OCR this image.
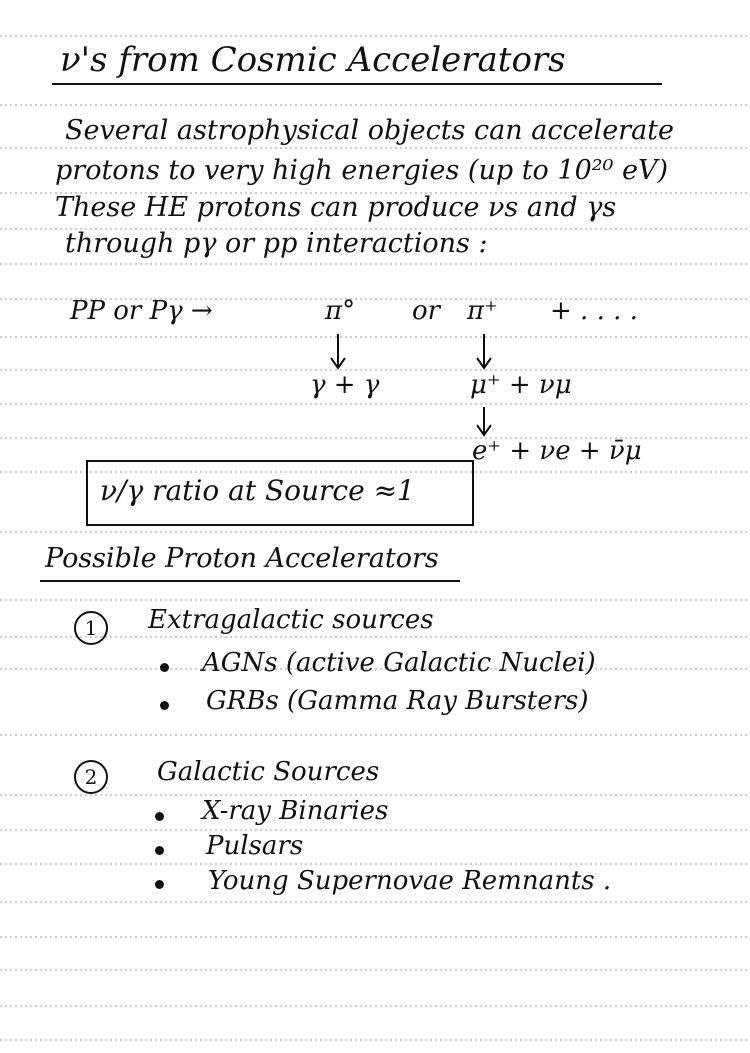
ν's from Cosmic Accelerators
Several astrophysical objects can accelerate
protons to very high energies (up to 10²⁰ eV)
These HE protons can produce νs and γs
through pγ or pp interactions :
PP or Pγ →	π° or π⁺ + . . . .
γ + γ	μ⁺ + νμ
e⁺ + νe + ν̄μ
ν/γ ratio at Source ≈1
Possible Proton Accelerators
1	Extragalactic sources
AGNs (active Galactic Nuclei)
GRBs (Gamma Ray Bursters)
2	Galactic Sources
X-ray Binaries
Pulsars
Young Supernovae Remnants .
